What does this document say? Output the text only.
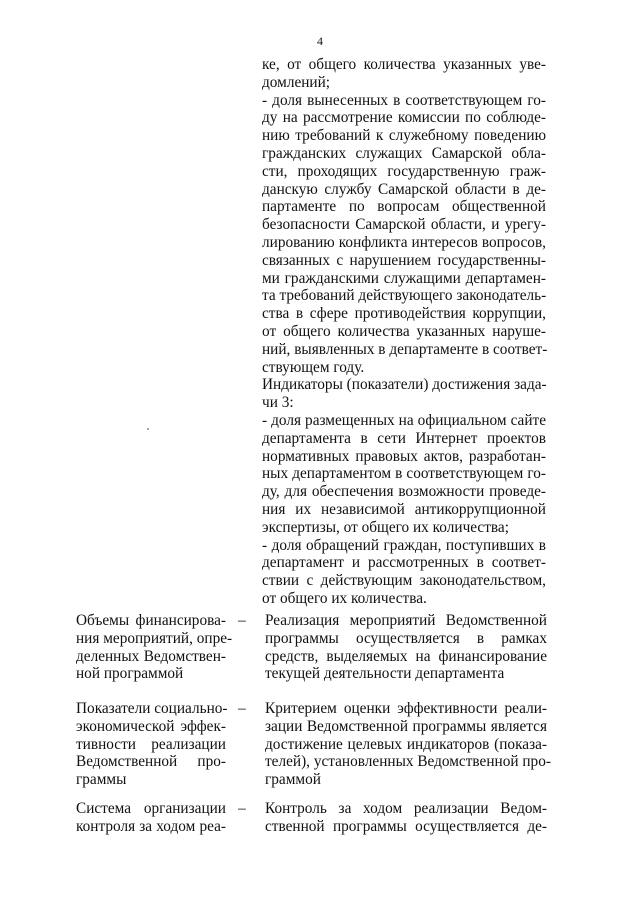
4
ке, от общего количества указанных уве-
домлений;
- доля вынесенных в соответствующем го-
ду на рассмотрение комиссии по соблюде-
нию требований к служебному поведению
гражданских служащих Самарской обла-
сти, проходящих государственную граж-
данскую службу Самарской области в де-
партаменте по вопросам общественной
безопасности Самарской области, и урегу-
лированию конфликта интересов вопросов,
связанных с нарушением государственны-
ми гражданскими служащими департамен-
та требований действующего законодатель-
ства в сфере противодействия коррупции,
от общего количества указанных наруше-
ний, выявленных в департаменте в соответ-
ствующем году.
Индикаторы (показатели) достижения зада-
чи 3:
- доля размещенных на официальном сайте
департамента в сети Интернет проектов
нормативных правовых актов, разработан-
ных департаментом в соответствующем го-
ду, для обеспечения возможности проведе-
ния их независимой антикоррупционной
экспертизы, от общего их количества;
- доля обращений граждан, поступивших в
департамент и рассмотренных в соответ-
ствии с действующим законодательством,
от общего их количества.
Объемы финансирова-
ния мероприятий, опре-
деленных Ведомствен-
ной программой
–	Реализация мероприятий Ведомственной
программы осуществляется в рамках
средств, выделяемых на финансирование
текущей деятельности департамента
Показатели социально-
экономической эффек-
тивности реализации
Ведомственной про-
граммы
–	Критерием оценки эффективности реали-
зации Ведомственной программы является
достижение целевых индикаторов (показа-
телей), установленных Ведомственной про-
граммой
Система организации
контроля за ходом реа-
–	Контроль за ходом реализации Ведом-
ственной программы осуществляется де-
